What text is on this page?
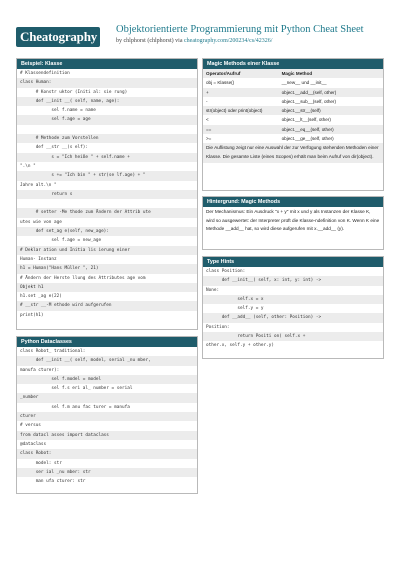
Cheatography Objektorientierte Programmierung mit Python Cheat Sheet
by chlphorst (chlphorst) via cheatography.com/200234/cs/42326/
Beispiel: Klasse
# Klassendefinition
class Human:
# Konstr uktor (Initi al: sie rung)
def __init __( self, name, age):
sel f.name = name
sel f.age = age
# Methode zum Vorstellen
def __str __(s elf):
s = "Ich heiße " + self.name +
".\n "
s += "Ich bin " + str(se lf.age) + "
Jahre alt.\n "
return s
# setter -Me thode zum Ändern der Attrib ute
utes wie von age
def set_ag e(self, new_age):
sel f.age = new_age
# Deklar ation und Initia lis ierung einer
Human- Instanz
h1 = Human("Hans Müller ", 21)
# Ändern der Herste llung des Attributes age vom
Objekt h1
h1.set _ag e(22)
# __str __-M ethode wird aufgerufen
print(h1)
Python Dataclasses
class Robot_ traditional:
def __init __( self, model, serial _nu mber,
manufa cturer):
sel f.model = model
sel f.s eri al_ number = serial
_number
sel f.m anu fac turer = manufa
cturer
# versus
from datacl asses import dataclass
@dataclass
class Robot:
model: str
ser ial _nu mber: str
man ufa cturer: str
Magic Methods einer Klasse
Operator/Aufruf	Magic Method
obj = Klasse()	__new__ und __init__
+	object.__add__(self, other)
-	object.__sub__(self, other)
str(object) oder print(object)	object.__str__(self)
<	object.__lt__(self, other)
==	object.__eq__(self, other)
>=	object.__ge__(self, other)
Die Auflistung zeigt nur eine Auswahl der zur Verfügung stehenden Methoden einer Klasse. Die gesamte Liste (eines Scopes) erhält man beim Aufruf von dir(object).
Hintergrund: Magic Methods
Der Mechanismus: Ein Ausdruck "x + y" mit x und y als Instanzen der Klasse K, wird so ausgewertet: der Interpreter prüft die Klasse-ndefinition von K. Wenn K eine Methode __add__ hat, so wird diese aufgerufen mit x.__add__ (y).
Type Hints
class Position:
def __init__( self, x: int, y: int) ->
None:
self.x = x
self.y = y
def __add__ (self, other: Position) ->
Position:
return Positi on( self.x +
other.x, self.y + other.y)
